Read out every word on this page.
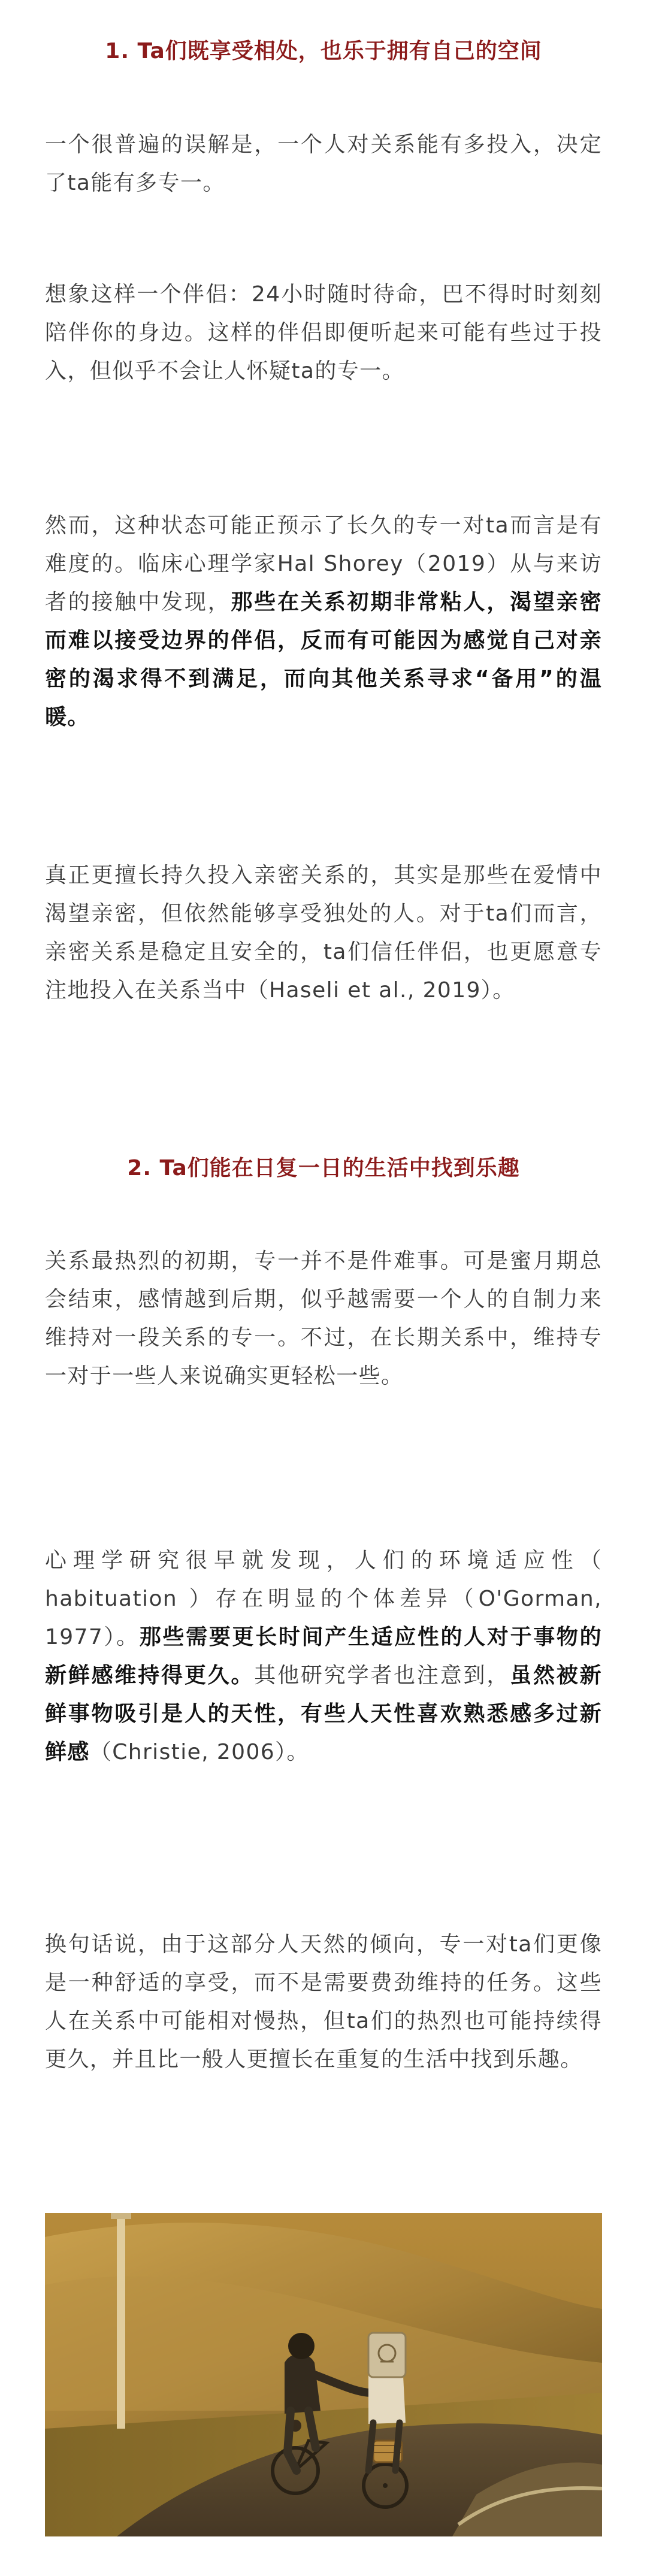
1. Ta们既享受相处，也乐于拥有自己的空间

一个很普遍的误解是，一个人对关系能有多投入，决定了ta能有多专一。

想象这样一个伴侣：24小时随时待命，巴不得时时刻刻陪伴你的身边。这样的伴侣即便听起来可能有些过于投入，但似乎不会让人怀疑ta的专一。

然而，这种状态可能正预示了长久的专一对ta而言是有难度的。临床心理学家Hal Shorey（2019）从与来访者的接触中发现，那些在关系初期非常粘人，渴望亲密而难以接受边界的伴侣，反而有可能因为感觉自己对亲密的渴求得不到满足，而向其他关系寻求“备用”的温暖。

真正更擅长持久投入亲密关系的，其实是那些在爱情中渴望亲密，但依然能够享受独处的人。对于ta们而言，亲密关系是稳定且安全的，ta们信任伴侣，也更愿意专注地投入在关系当中（Haseli et al., 2019）。

2. Ta们能在日复一日的生活中找到乐趣

关系最热烈的初期，专一并不是件难事。可是蜜月期总会结束，感情越到后期，似乎越需要一个人的自制力来维持对一段关系的专一。不过，在长期关系中，维持专一对于一些人来说确实更轻松一些。

心理学研究很早就发现，人们的环境适应性（ habituation ）存在明显的个体差异（O'Gorman, 1977）。那些需要更长时间产生适应性的人对于事物的新鲜感维持得更久。其他研究学者也注意到，虽然被新鲜事物吸引是人的天性，有些人天性喜欢熟悉感多过新鲜感（Christie, 2006）。

换句话说，由于这部分人天然的倾向，专一对ta们更像是一种舒适的享受，而不是需要费劲维持的任务。这些人在关系中可能相对慢热，但ta们的热烈也可能持续得更久，并且比一般人更擅长在重复的生活中找到乐趣。
